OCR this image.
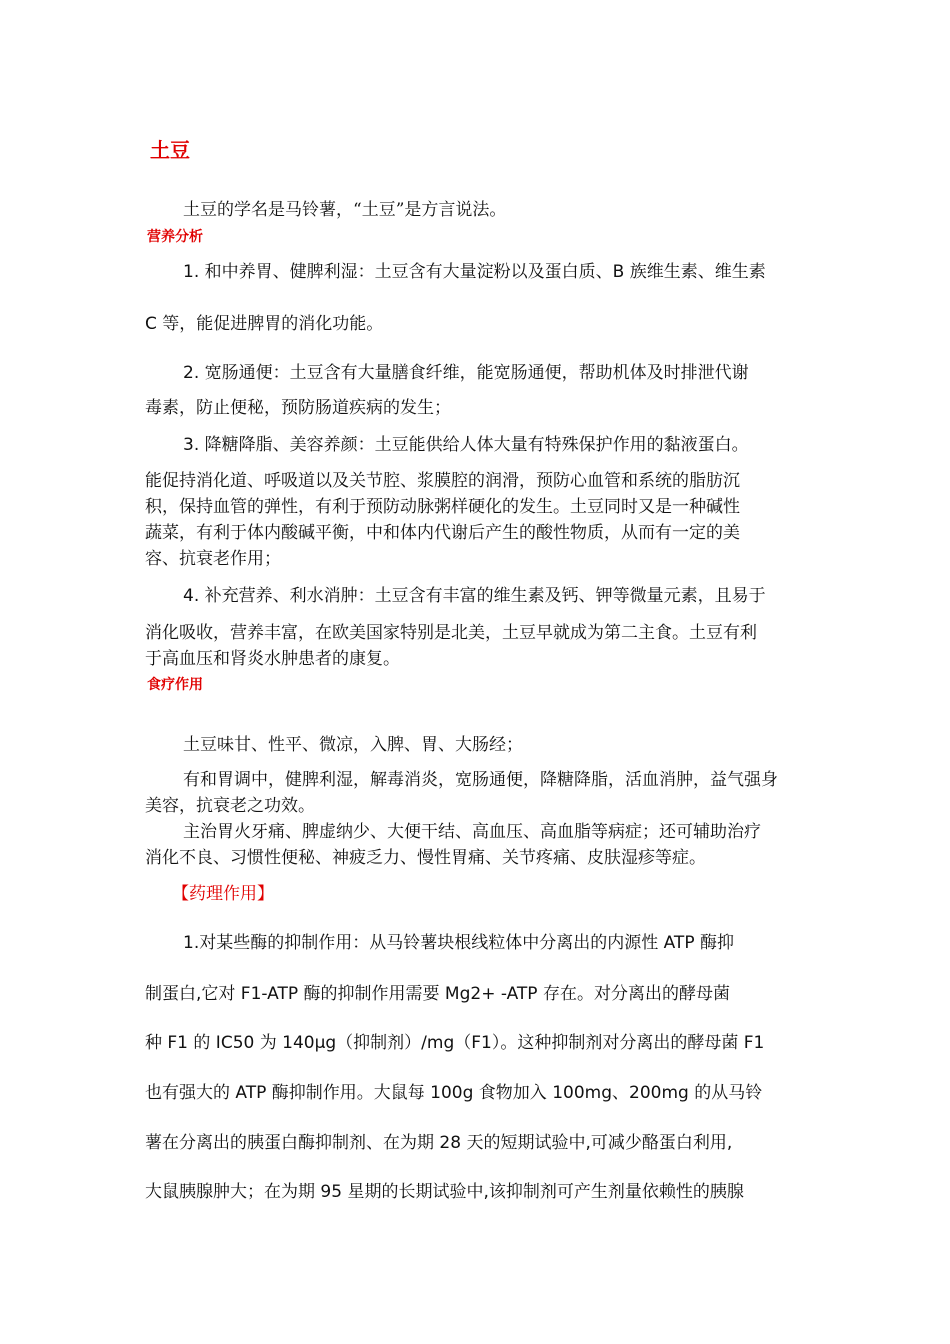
土豆

土豆的学名是马铃薯，“土豆”是方言说法。

营养分析

1. 和中养胃、健脾利湿：土豆含有大量淀粉以及蛋白质、B 族维生素、维生素

C 等，能促进脾胃的消化功能。

2. 宽肠通便：土豆含有大量膳食纤维，能宽肠通便，帮助机体及时排泄代谢

毒素，防止便秘，预防肠道疾病的发生；

3. 降糖降脂、美容养颜：土豆能供给人体大量有特殊保护作用的黏液蛋白。

能促持消化道、呼吸道以及关节腔、浆膜腔的润滑，预防心血管和系统的脂肪沉

积，保持血管的弹性，有利于预防动脉粥样硬化的发生。土豆同时又是一种碱性

蔬菜，有利于体内酸碱平衡，中和体内代谢后产生的酸性物质，从而有一定的美

容、抗衰老作用；

4. 补充营养、利水消肿：土豆含有丰富的维生素及钙、钾等微量元素，且易于

消化吸收，营养丰富，在欧美国家特别是北美，土豆早就成为第二主食。土豆有利

于高血压和肾炎水肿患者的康复。

食疗作用

土豆味甘、性平、微凉，入脾、胃、大肠经；

有和胃调中，健脾利湿，解毒消炎，宽肠通便，降糖降脂，活血消肿，益气强身

美容，抗衰老之功效。

主治胃火牙痛、脾虚纳少、大便干结、高血压、高血脂等病症；还可辅助治疗

消化不良、习惯性便秘、神疲乏力、慢性胃痛、关节疼痛、皮肤湿疹等症。

【药理作用】

1.对某些酶的抑制作用：从马铃薯块根线粒体中分离出的内源性 ATP 酶抑

制蛋白,它对 F1-ATP 酶的抑制作用需要 Mg2+ -ATP 存在。对分离出的酵母菌

种 F1 的 IC50 为 140μg（抑制剂）/mg（F1）。这种抑制剂对分离出的酵母菌 F1

也有强大的 ATP 酶抑制作用。大鼠每 100g 食物加入 100mg、200mg 的从马铃

薯在分离出的胰蛋白酶抑制剂、在为期 28 天的短期试验中,可减少酪蛋白利用,

大鼠胰腺肿大；在为期 95 星期的长期试验中,该抑制剂可产生剂量依赖性的胰腺
